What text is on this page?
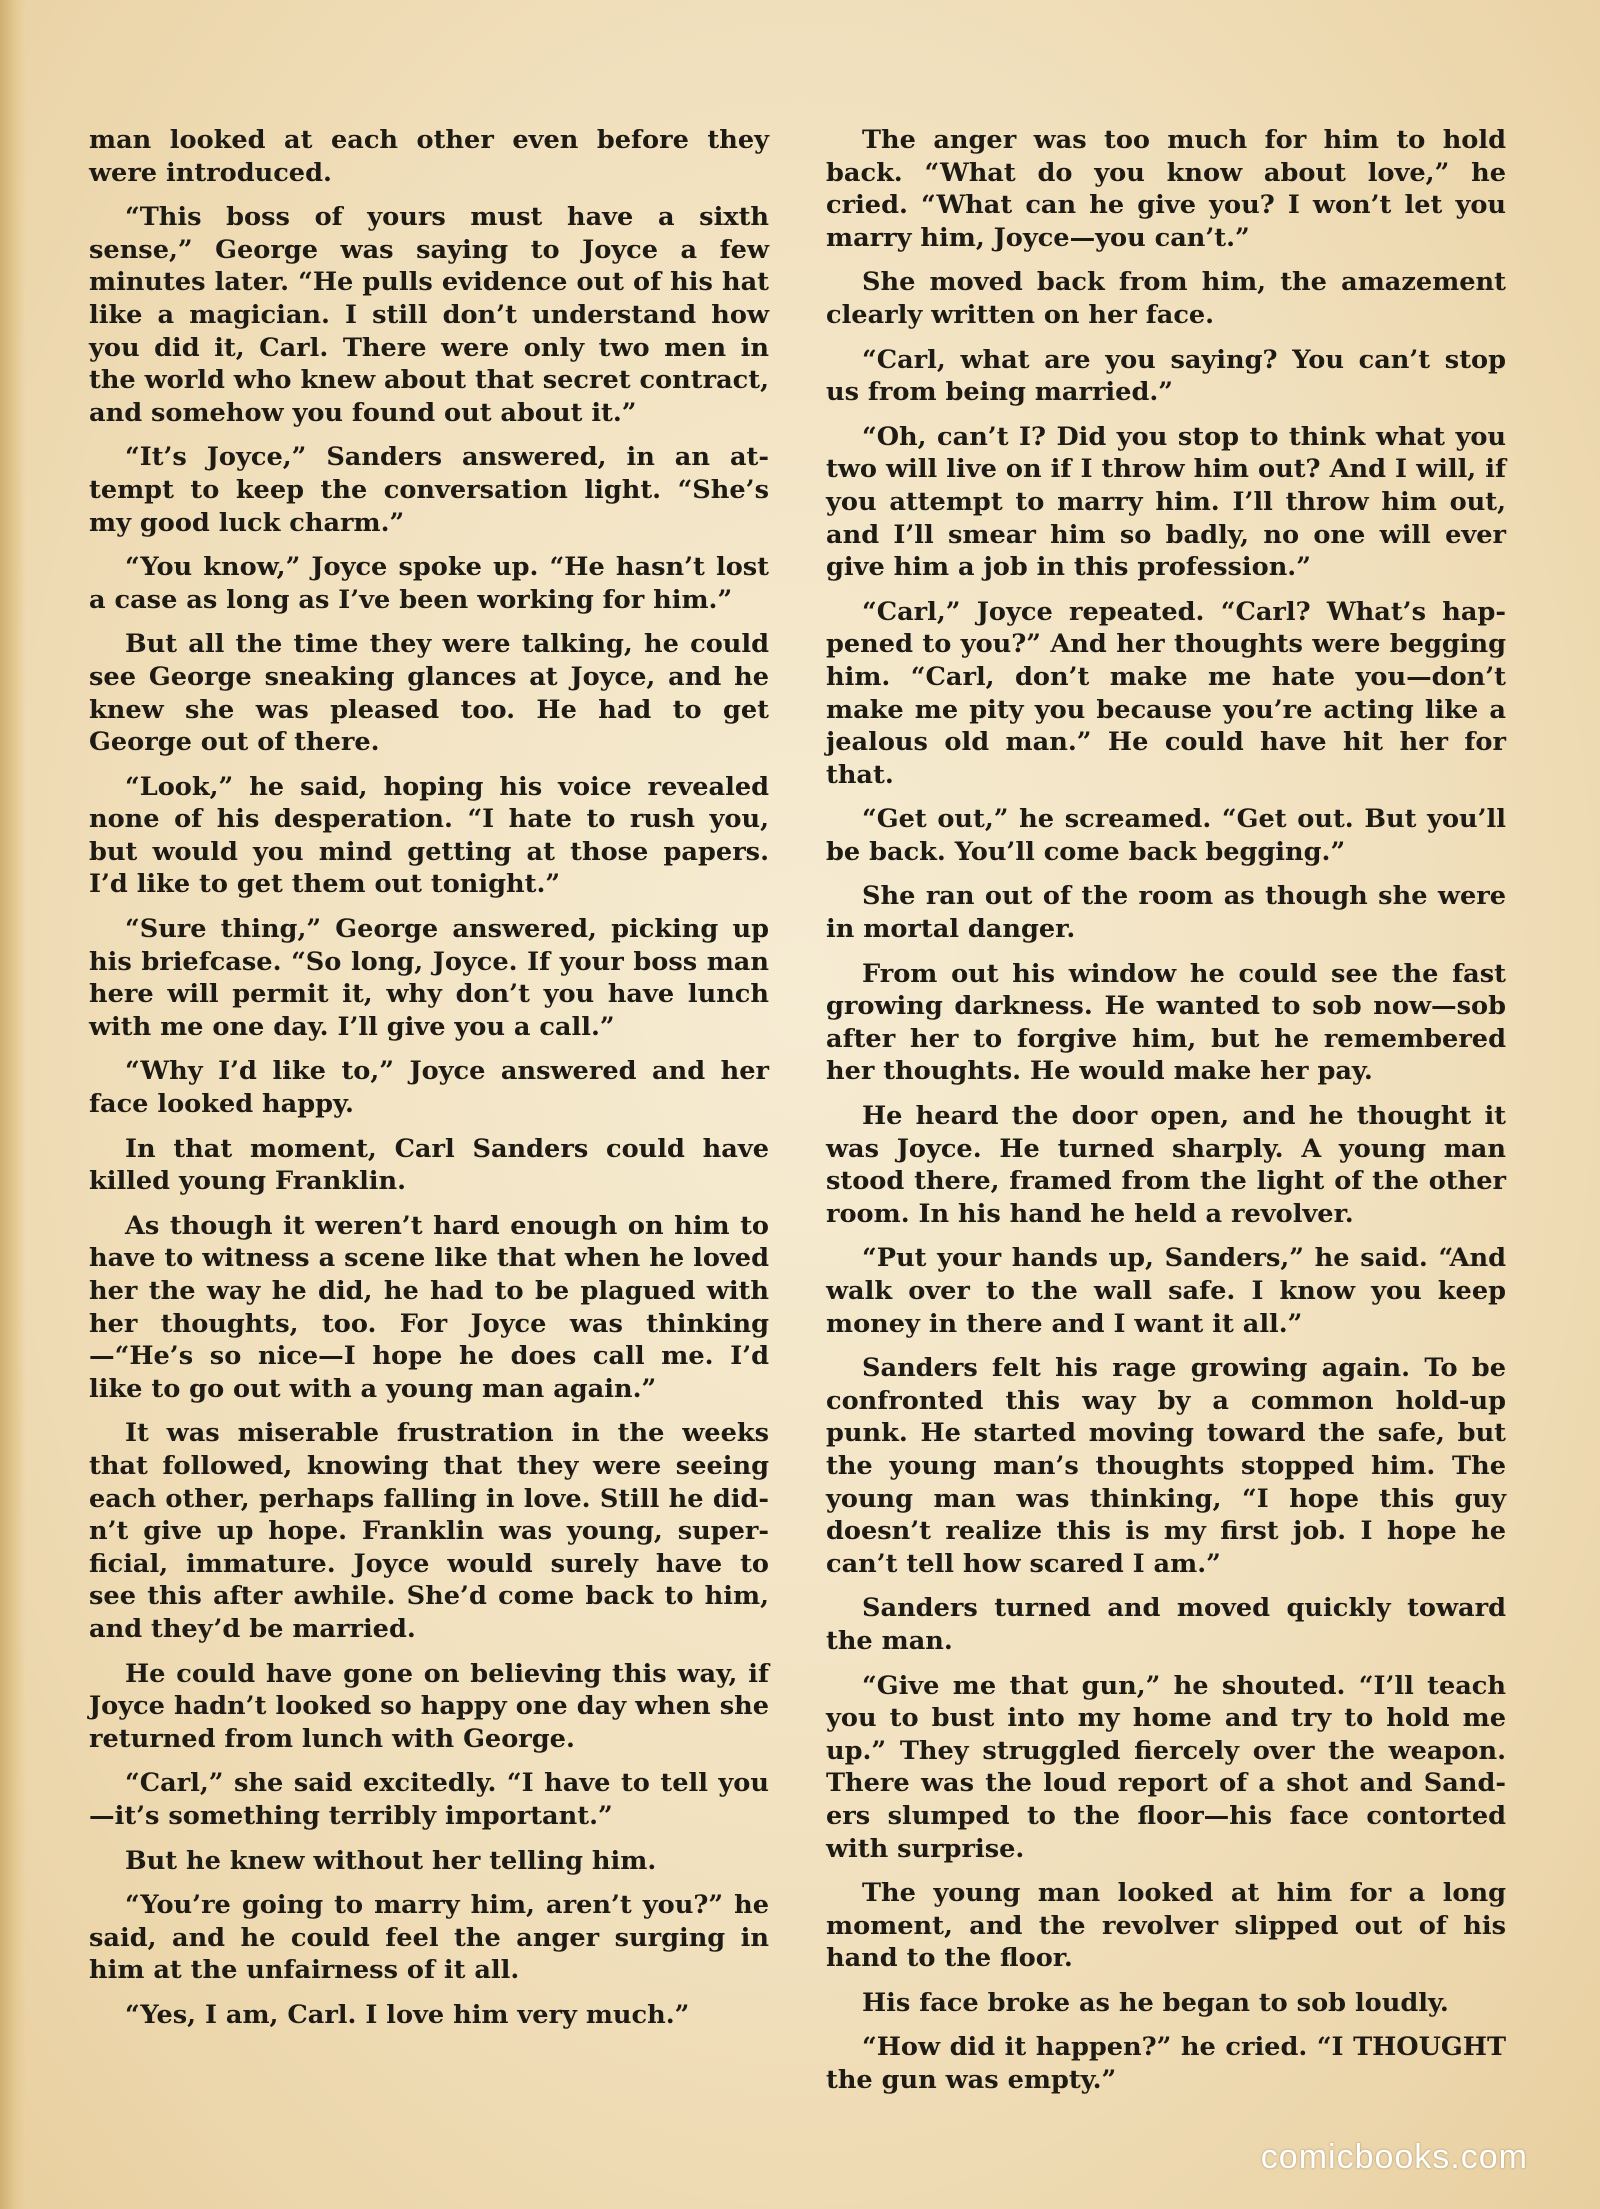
man looked at each other even before they were introduced.

“This boss of yours must have a sixth sense,” George was saying to Joyce a few minutes later. “He pulls evidence out of his hat like a magician. I still don’t understand how you did it, Carl. There were only two men in the world who knew about that secret contract, and somehow you found out about it.”

“It’s Joyce,” Sanders answered, in an attempt to keep the conversation light. “She’s my good luck charm.”

“You know,” Joyce spoke up. “He hasn’t lost a case as long as I’ve been working for him.”

But all the time they were talking, he could see George sneaking glances at Joyce, and he knew she was pleased too. He had to get George out of there.

“Look,” he said, hoping his voice revealed none of his desperation. “I hate to rush you, but would you mind getting at those papers. I’d like to get them out tonight.”

“Sure thing,” George answered, picking up his briefcase. “So long, Joyce. If your boss man here will permit it, why don’t you have lunch with me one day. I’ll give you a call.”

“Why I’d like to,” Joyce answered and her face looked happy.

In that moment, Carl Sanders could have killed young Franklin.

As though it weren’t hard enough on him to have to witness a scene like that when he loved her the way he did, he had to be plagued with her thoughts, too. For Joyce was thinking—“He’s so nice—I hope he does call me. I’d like to go out with a young man again.”

It was miserable frustration in the weeks that followed, knowing that they were seeing each other, perhaps falling in love. Still he didn’t give up hope. Franklin was young, superficial, immature. Joyce would surely have to see this after awhile. She’d come back to him, and they’d be married.

He could have gone on believing this way, if Joyce hadn’t looked so happy one day when she returned from lunch with George.

“Carl,” she said excitedly. “I have to tell you—it’s something terribly important.”

But he knew without her telling him.

“You’re going to marry him, aren’t you?” he said, and he could feel the anger surging in him at the unfairness of it all.

“Yes, I am, Carl. I love him very much.”

The anger was too much for him to hold back. “What do you know about love,” he cried. “What can he give you? I won’t let you marry him, Joyce—you can’t.”

She moved back from him, the amazement clearly written on her face.

“Carl, what are you saying? You can’t stop us from being married.”

“Oh, can’t I? Did you stop to think what you two will live on if I throw him out? And I will, if you attempt to marry him. I’ll throw him out, and I’ll smear him so badly, no one will ever give him a job in this profession.”

“Carl,” Joyce repeated. “Carl? What’s happened to you?” And her thoughts were begging him. “Carl, don’t make me hate you—don’t make me pity you because you’re acting like a jealous old man.” He could have hit her for that.

“Get out,” he screamed. “Get out. But you’ll be back. You’ll come back begging.”

She ran out of the room as though she were in mortal danger.

From out his window he could see the fast growing darkness. He wanted to sob now—sob after her to forgive him, but he remembered her thoughts. He would make her pay.

He heard the door open, and he thought it was Joyce. He turned sharply. A young man stood there, framed from the light of the other room. In his hand he held a revolver.

“Put your hands up, Sanders,” he said. “And walk over to the wall safe. I know you keep money in there and I want it all.”

Sanders felt his rage growing again. To be confronted this way by a common hold-up punk. He started moving toward the safe, but the young man’s thoughts stopped him. The young man was thinking, “I hope this guy doesn’t realize this is my first job. I hope he can’t tell how scared I am.”

Sanders turned and moved quickly toward the man.

“Give me that gun,” he shouted. “I’ll teach you to bust into my home and try to hold me up.” They struggled fiercely over the weapon. There was the loud report of a shot and Sanders slumped to the floor—his face contorted with surprise.

The young man looked at him for a long moment, and the revolver slipped out of his hand to the floor.

His face broke as he began to sob loudly.

“How did it happen?” he cried. “I THOUGHT the gun was empty.”

comicbooks.com
